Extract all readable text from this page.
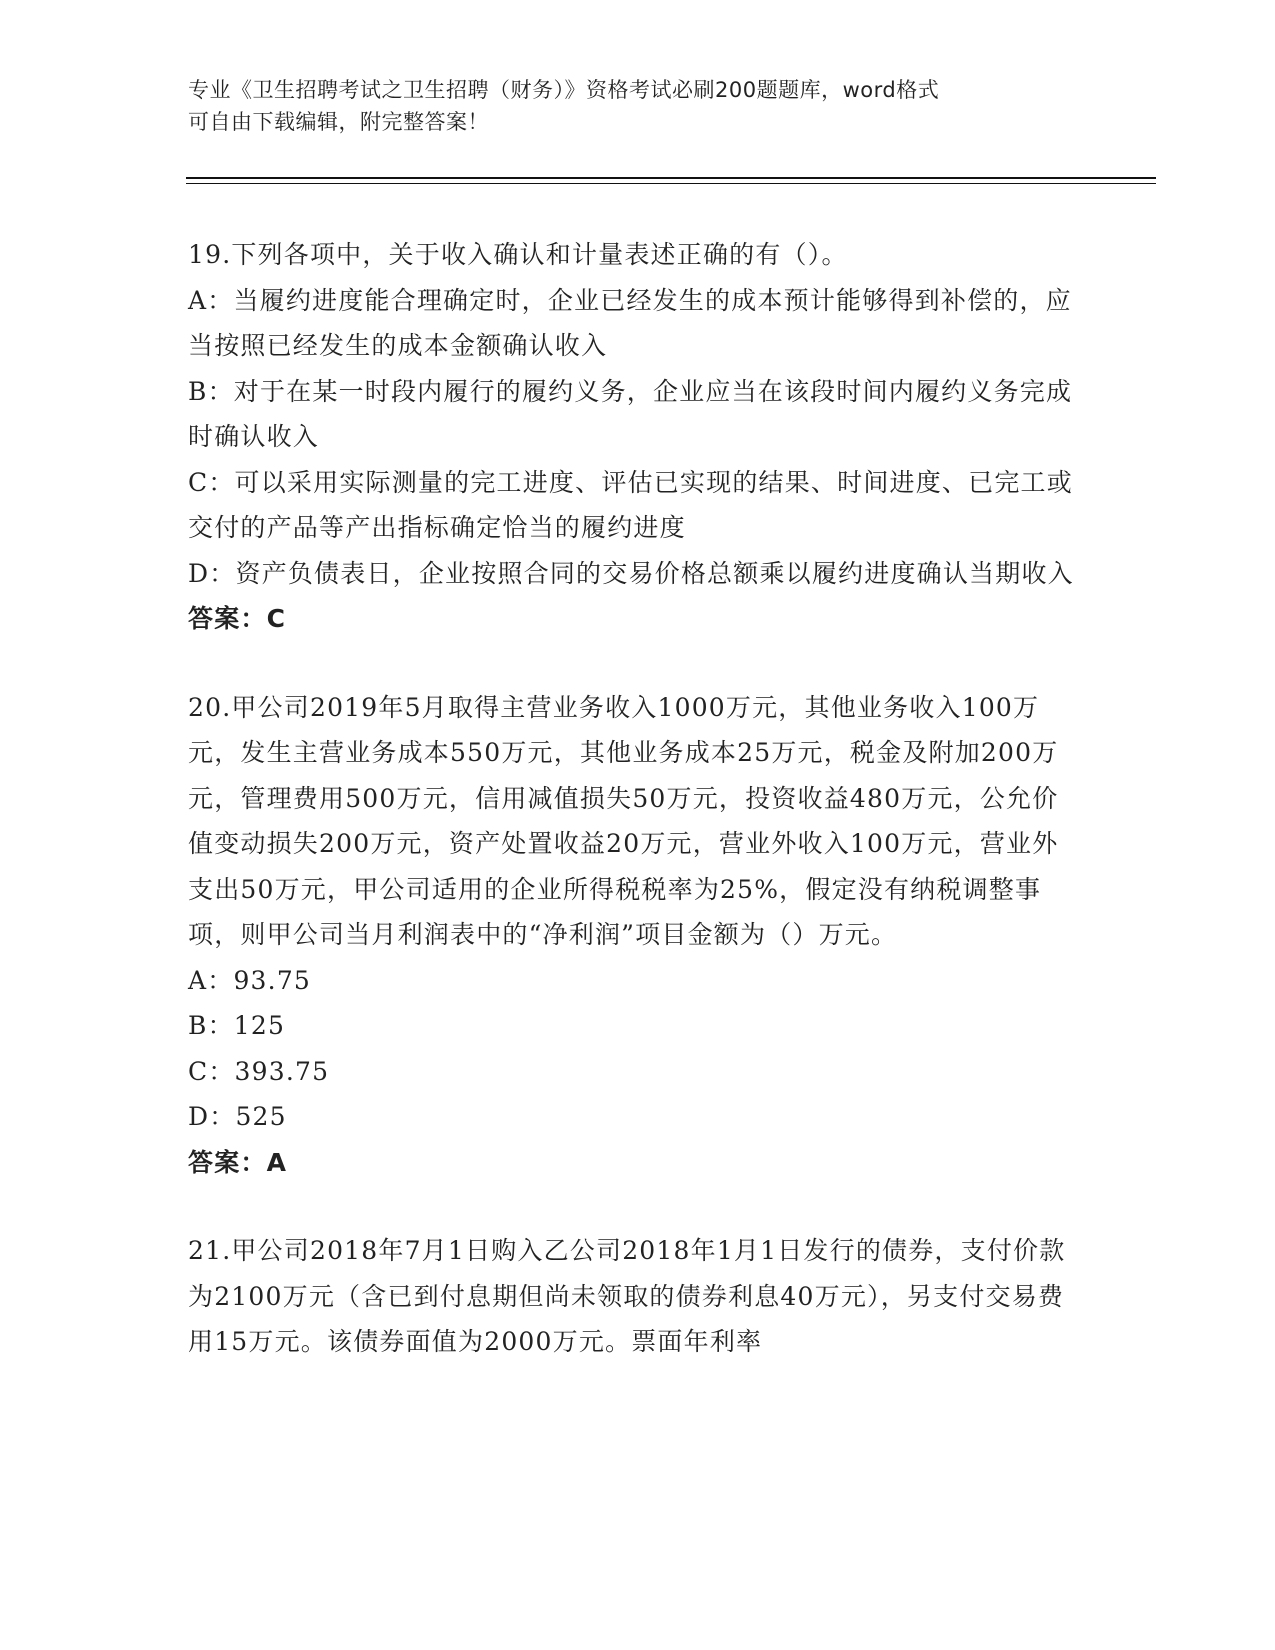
专业《卫生招聘考试之卫生招聘（财务）》资格考试必刷200题题库，word格式
可自由下载编辑，附完整答案！

19.下列各项中，关于收入确认和计量表述正确的有（）。

A：当履约进度能合理确定时，企业已经发生的成本预计能够得到补偿的，应当按照已经发生的成本金额确认收入

B：对于在某一时段内履行的履约义务，企业应当在该段时间内履约义务完成时确认收入

C：可以采用实际测量的完工进度、评估已实现的结果、时间进度、已完工或交付的产品等产出指标确定恰当的履约进度

D：资产负债表日，企业按照合同的交易价格总额乘以履约进度确认当期收入

答案：C

20.甲公司2019年5月取得主营业务收入1000万元，其他业务收入100万元，发生主营业务成本550万元，其他业务成本25万元，税金及附加200万元，管理费用500万元，信用减值损失50万元，投资收益480万元，公允价值变动损失200万元，资产处置收益20万元，营业外收入100万元，营业外支出50万元，甲公司适用的企业所得税税率为25%，假定没有纳税调整事项，则甲公司当月利润表中的“净利润”项目金额为（）万元。

A：93.75

B：125

C：393.75

D：525

答案：A

21.甲公司2018年7月1日购入乙公司2018年1月1日发行的债券，支付价款为2100万元（含已到付息期但尚未领取的债券利息40万元），另支付交易费用15万元。该债券面值为2000万元。票面年利率
